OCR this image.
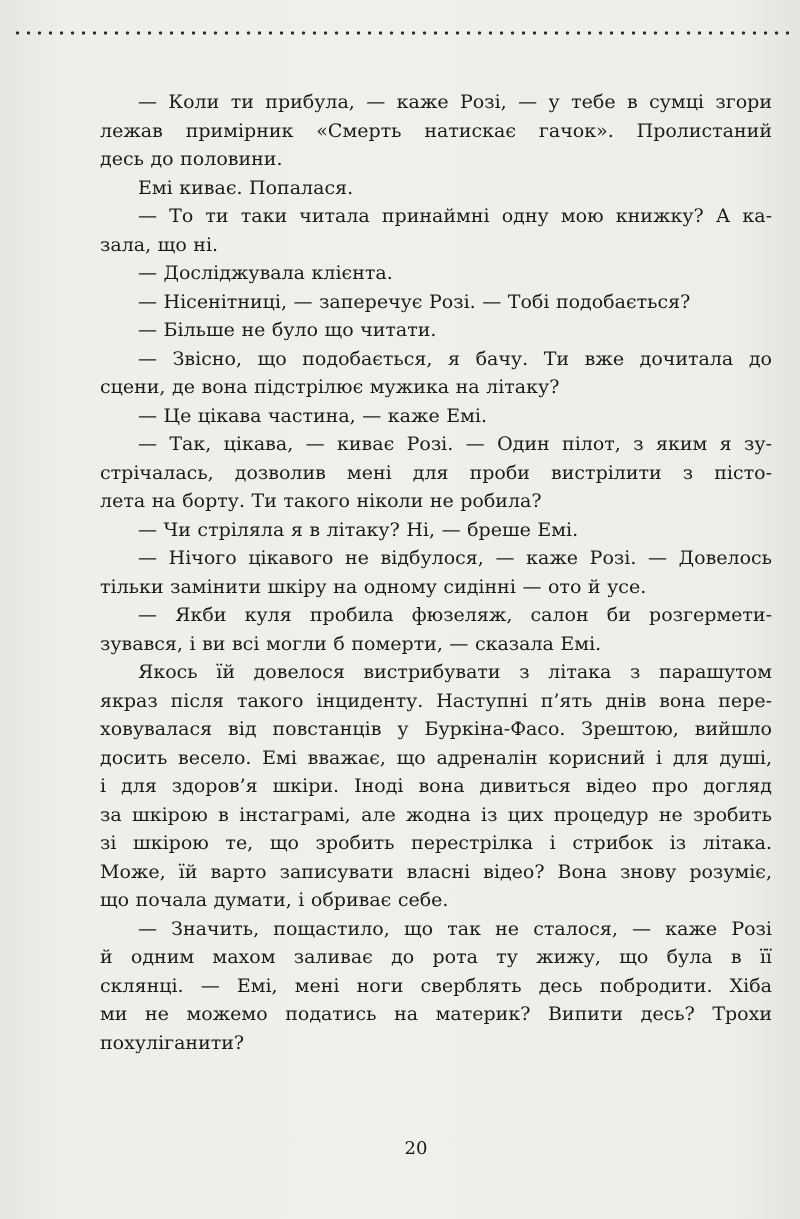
— Коли ти прибула, — каже Розі, — у тебе в сумці згори
лежав примірник «Смерть натискає гачок». Пролистаний
десь до половини.
Емі киває. Попалася.
— То ти таки читала принаймні одну мою книжку? А ка-
зала, що ні.
— Досліджувала клієнта.
— Нісенітниці, — заперечує Розі. — Тобі подобається?
— Більше не було що читати.
— Звісно, що подобається, я бачу. Ти вже дочитала до
сцени, де вона підстрілює мужика на літаку?
— Це цікава частина, — каже Емі.
— Так, цікава, — киває Розі. — Один пілот, з яким я зу-
стрічалась, дозволив мені для проби вистрілити з пісто-
лета на борту. Ти такого ніколи не робила?
— Чи стріляла я в літаку? Ні, — бреше Емі.
— Нічого цікавого не відбулося, — каже Розі. — Довелось
тільки замінити шкіру на одному сидінні — ото й усе.
— Якби куля пробила фюзеляж, салон би розгермети-
зувався, і ви всі могли б померти, — сказала Емі.
Якось їй довелося вистрибувати з літака з парашутом
якраз після такого інциденту. Наступні п’ять днів вона пере-
ховувалася від повстанців у Буркіна-Фасо. Зрештою, вийшло
досить весело. Емі вважає, що адреналін корисний і для душі,
і для здоров’я шкіри. Іноді вона дивиться відео про догляд
за шкірою в інстаграмі, але жодна із цих процедур не зробить
зі шкірою те, що зробить перестрілка і стрибок із літака.
Може, їй варто записувати власні відео? Вона знову розуміє,
що почала думати, і обриває себе.
— Значить, пощастило, що так не сталося, — каже Розі
й одним махом заливає до рота ту жижу, що була в її
склянці. — Емі, мені ноги сверблять десь побродити. Хіба
ми не можемо податись на материк? Випити десь? Трохи
похуліганити?
20
